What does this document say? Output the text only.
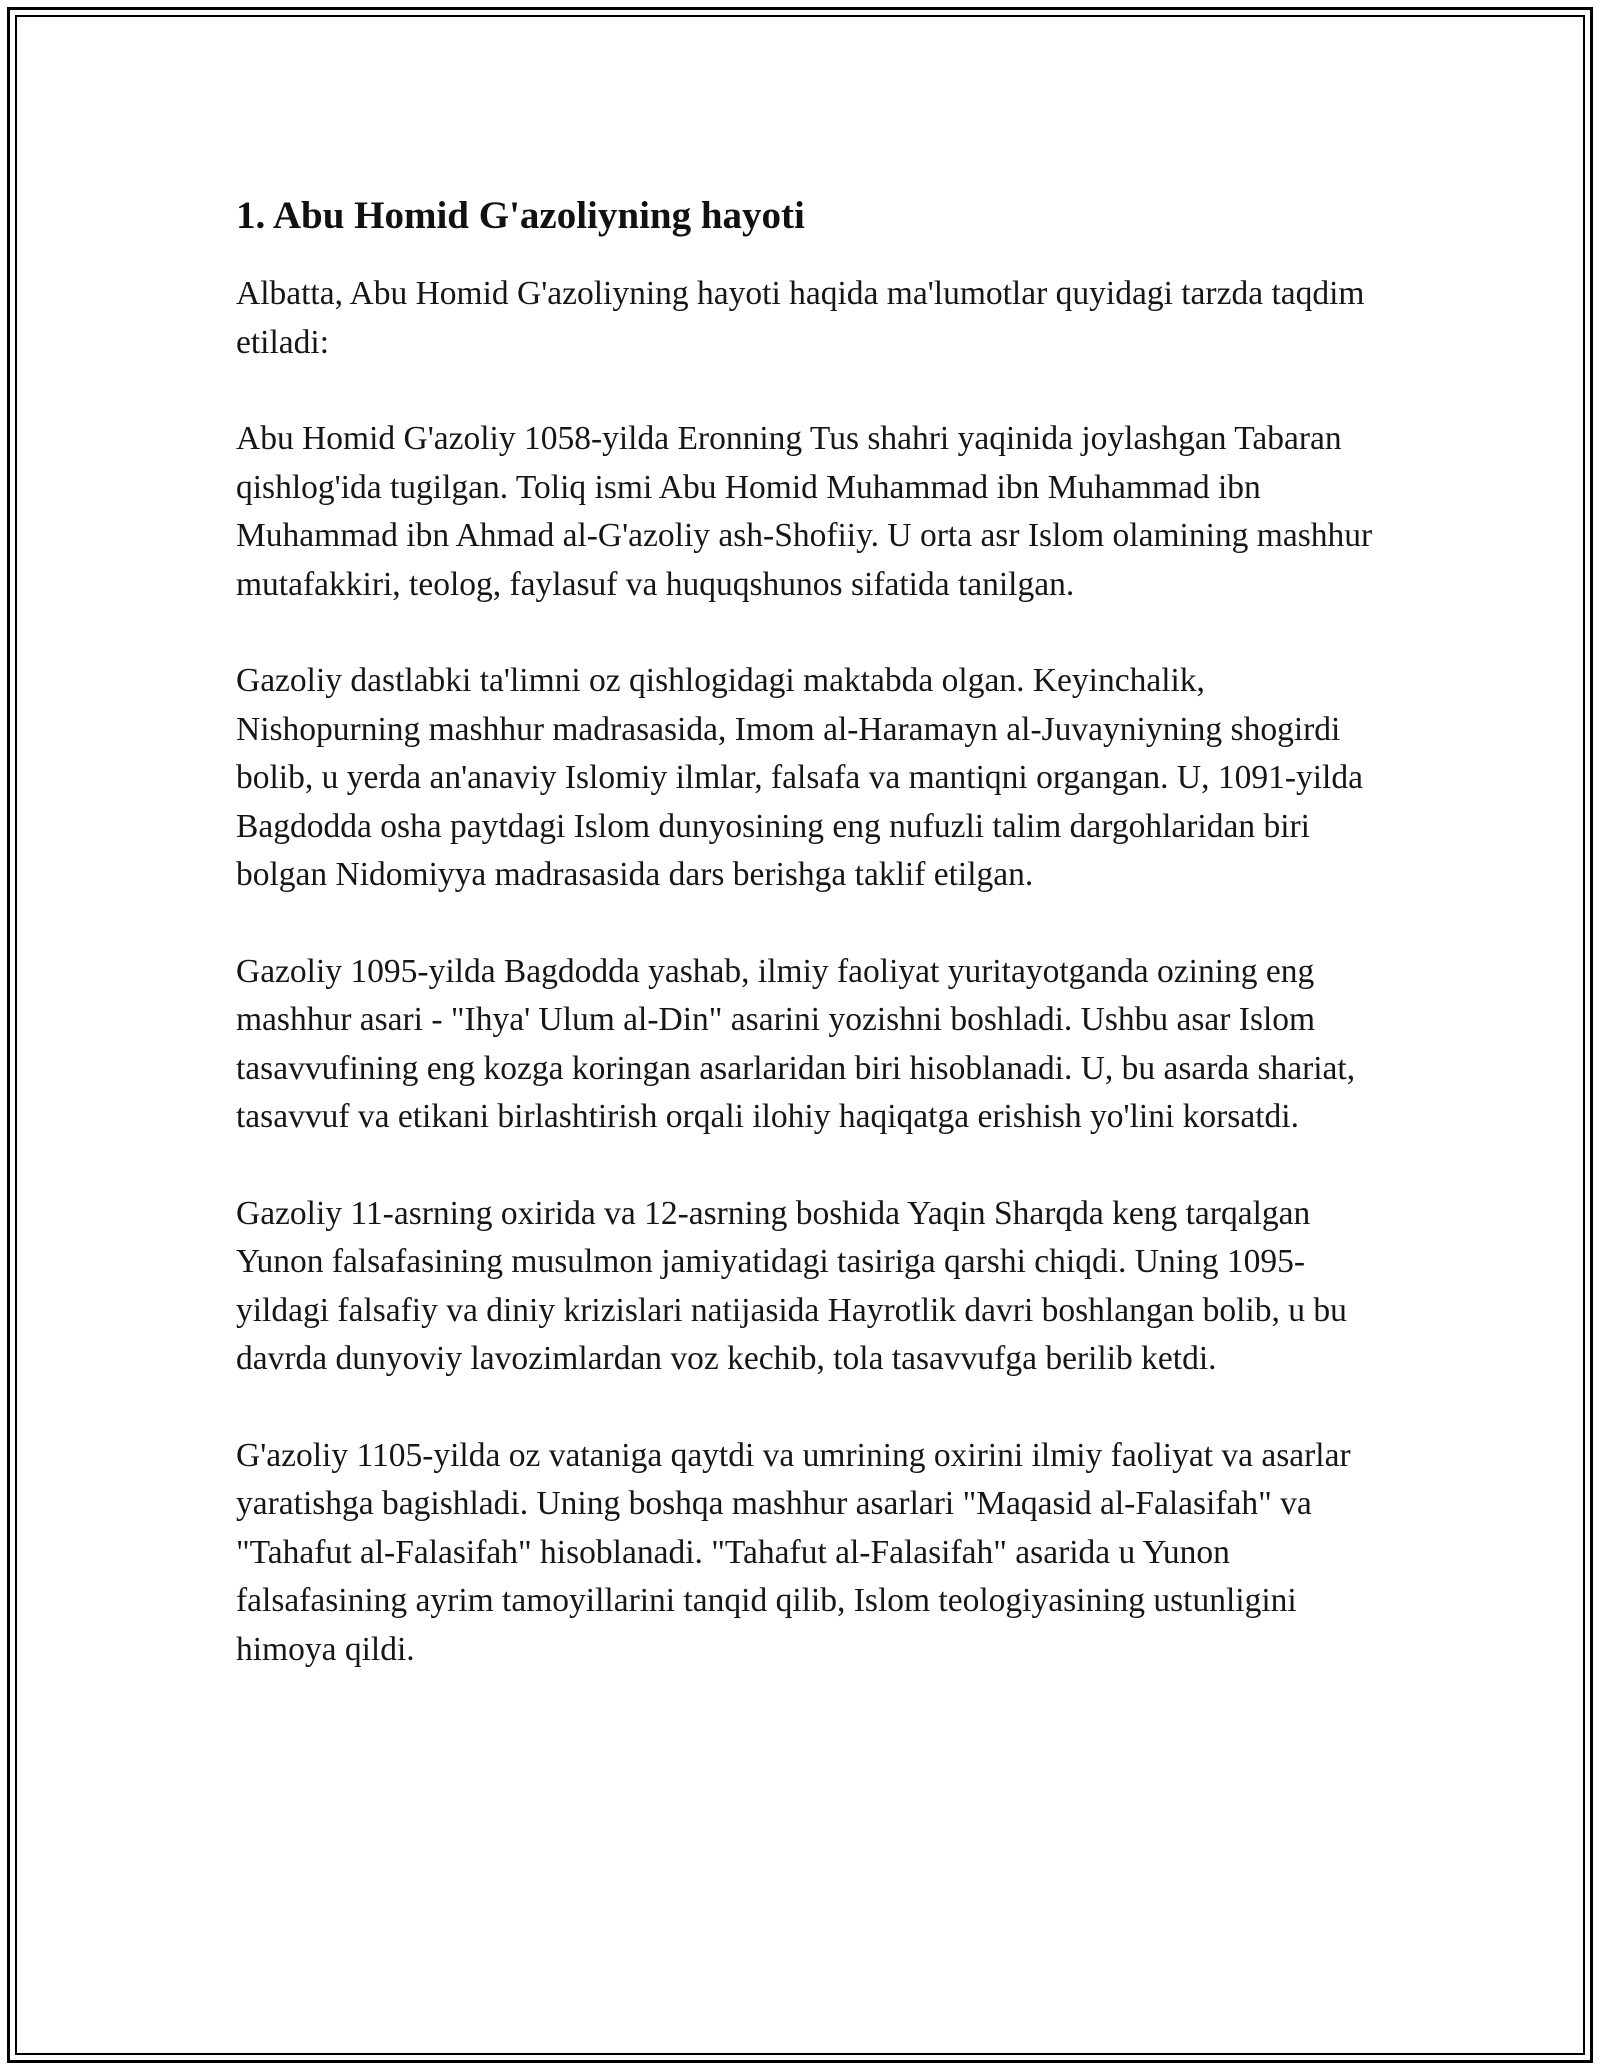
1. Abu Homid G'azoliyning hayoti

Albatta, Abu Homid G'azoliyning hayoti haqida ma'lumotlar quyidagi tarzda taqdim etiladi:

Abu Homid G'azoliy 1058-yilda Eronning Tus shahri yaqinida joylashgan Tabaran qishlog'ida tugilgan. Toliq ismi Abu Homid Muhammad ibn Muhammad ibn Muhammad ibn Ahmad al-G'azoliy ash-Shofiiy. U orta asr Islom olamining mashhur mutafakkiri, teolog, faylasuf va huquqshunos sifatida tanilgan.

Gazoliy dastlabki ta'limni oz qishlogidagi maktabda olgan. Keyinchalik, Nishopurning mashhur madrasasida, Imom al-Haramayn al-Juvayniyning shogirdi bolib, u yerda an'anaviy Islomiy ilmlar, falsafa va mantiqni organgan. U, 1091-yilda Bagdodda osha paytdagi Islom dunyosining eng nufuzli talim dargohlaridan biri bolgan Nidomiyya madrasasida dars berishga taklif etilgan.

Gazoliy 1095-yilda Bagdodda yashab, ilmiy faoliyat yuritayotganda ozining eng mashhur asari - "Ihya' Ulum al-Din" asarini yozishni boshladi. Ushbu asar Islom tasavvufining eng kozga koringan asarlaridan biri hisoblanadi. U, bu asarda shariat, tasavvuf va etikani birlashtirish orqali ilohiy haqiqatga erishish yo'lini korsatdi.

Gazoliy 11-asrning oxirida va 12-asrning boshida Yaqin Sharqda keng tarqalgan Yunon falsafasining musulmon jamiyatidagi tasiriga qarshi chiqdi. Uning 1095-yildagi falsafiy va diniy krizislari natijasida Hayrotlik davri boshlangan bolib, u bu davrda dunyoviy lavozimlardan voz kechib, tola tasavvufga berilib ketdi.

G'azoliy 1105-yilda oz vataniga qaytdi va umrining oxirini ilmiy faoliyat va asarlar yaratishga bagishladi. Uning boshqa mashhur asarlari "Maqasid al-Falasifah" va "Tahafut al-Falasifah" hisoblanadi. "Tahafut al-Falasifah" asarida u Yunon falsafasining ayrim tamoyillarini tanqid qilib, Islom teologiyasining ustunligini himoya qildi.
